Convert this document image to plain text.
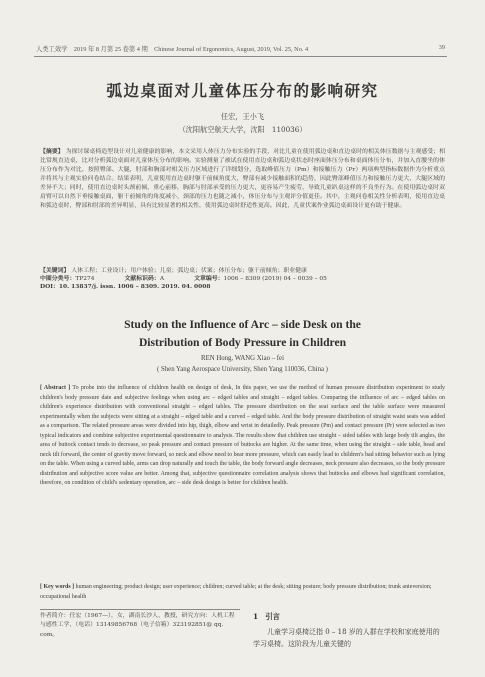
人类工效学　2019 年 8 月第 25 卷第 4 期　Chinese Journal of Ergonomics, August, 2019, Vol. 25, No. 4	39
弧边桌面对儿童体压分布的影响研究
任宏，王小飞
（沈阳航空航天大学，沈阳　110036）
【摘要】 为探讨课桌椅造型设计对儿童健康的影响，本文采用人体压力分布实验的手段，对比儿童在使用弧边桌和直边桌时的相关体压数据与主观感受；相比常规直边桌，比对分析弧边桌面对儿童体压分布的影响。实验测量了被试在使用直边桌和弧边桌状态时座面体压分布和桌面体压分布，并加入直腰坐的体压分布作为对比，按照臀部、大腿，肘部和胸部对相关压力区域进行了详细划分，选取峰值压力（Pm）和接触压力（Pr）两项典型指标数据作为分析重点并将其与主观实验问卷结合。结果表明，儿童使用直边桌时躯干前倾角度大，臀部有减少接触面积的趋势，因此臀部峰值压力和接触压力更大，大腿区域的差异不大；同时，使用直边桌时头颈前倾，重心前移，胸部与肘部承受的压力更大，更容易产生疲劳，导致儿童趴桌这样的不良坐行为。在使用弧边桌时双肩臂可以自然下垂接触桌面，躯干前倾角的角度减小，颈部的压力也随之减小，体压分布与主观评分值更佳。其中，主观问卷相关性分析表明，使用直边桌和弧边桌时，臀部和肘部的差异明显，具有比较显著的相关性，使用弧边桌时舒适性更高。因此，儿童伏案作业弧边桌面设计更有助于健康。
【关键词】 人体工程；工业设计；用户体验；儿童；弧边桌；伏案；体压分布；躯干前倾角；职业健康
中图分类号：TP274	文献标识码：A	文章编号：1006 – 8309 (2019) 04 – 0039 – 05
DOI：10. 13837/j. issn. 1006 – 8309. 2019. 04. 0008
Study on the Influence of Arc – side Desk on the
Distribution of Body Pressure in Children
REN Hong, WANG Xiao – fei
( Shen Yang Aerospace University, Shen Yang 110036, China )
[ Abstract ] To probe into the influence of children health on design of desk, In this paper, we use the method of human pressure distribution experiment to study children's body pressure date and subjective feelings when using arc – edged tables and straight – edged tables. Comparing the influence of arc – edged tables on children's experience distribution with conventional straight – edged tables. The pressure distribution on the seat surface and the table surface were measured experimentally when the subjects were sitting at a straight – edged table and a curved – edged table. And the body pressure distribution of straight waist seats was added as a comparison. The related pressure areas were divided into hip, thigh, elbow and wrist in detailedly. Peak pressure (Pm) and contact pressure (Pr) were selected as two typical indicators and combine subjective experimental questionnaire to analysis. The results show that children use straight – sided tables with large body tilt angles, the area of buttock contact tends to decrease, so peak pressure and contact pressure of buttocks are higher. At the same time, when using the straight – side table, head and neck tilt forward, the center of gravity move forward, so neck and elbow need to bear more pressure, which can easily lead to children's bad sitting behavior such as lying on the table. When using a curved table, arms can drop naturally and touch the table, the body forward angle decreases, neck pressure also decreases, so the body pressure distribution and subjective score value are better. Among that, subjective questionnaire correlation analysis shows that buttocks and elbows had significant correlation, therefore, on condition of child's sedentary operation, arc – side desk design is better for children health.
[ Key words ] human engineering; product design; user experience; children; curved table; at the desk; sitting posture; body pressure distribution; trunk anteversion; occupational health
作者简介：任宏（1967—），女，湖南长沙人，教授，研究方向：人机工程与感性工学，（电话）13149856768（电子信箱）323192851@ qq. com。
1　引言
儿童学习桌椅泛指 0 – 18 岁的人群在学校和家庭使用的学习桌椅。这阶段为儿童关键的
